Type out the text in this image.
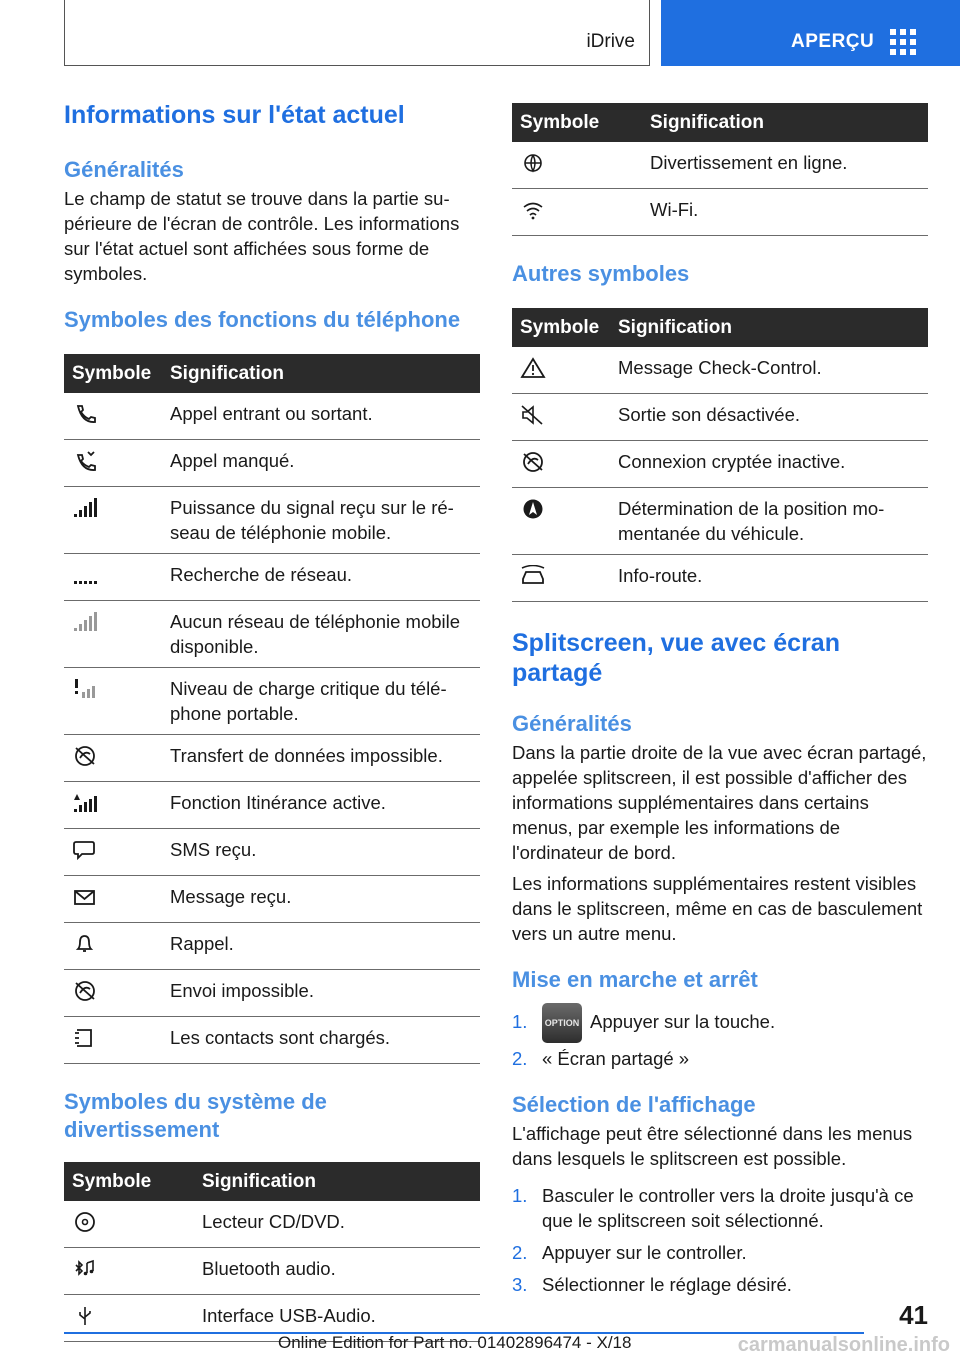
iDrive	APERÇU
Informations sur l'état actuel
Généralités

Le champ de statut se trouve dans la partie supérieure de l'écran de contrôle. Les informations sur l'état actuel sont affichées sous forme de symboles.

Symboles des fonctions du téléphone
Symbole	Signification

	Appel entrant ou sortant.

	Appel manqué.

	Puissance du signal reçu sur le réseau de téléphonie mobile.

	Recherche de réseau.

	Aucun réseau de téléphonie mobile disponible.

	Niveau de charge critique du téléphone portable.

	Transfert de données impossible.

	Fonction Itinérance active.

	SMS reçu.

	Message reçu.

	Rappel.

	Envoi impossible.

	Les contacts sont chargés.
Symboles du système de divertissement
Symbole	Signification

	Lecteur CD/DVD.

	Bluetooth audio.

	Interface USB-Audio.
Symbole	Signification

	Divertissement en ligne.

	Wi-Fi.
Autres symboles
Symbole	Signification

	Message Check-Control.

	Sortie son désactivée.

	Connexion cryptée inactive.

	Détermination de la position momentanée du véhicule.

	Info-route.
Splitscreen, vue avec écran partagé
Généralités

Dans la partie droite de la vue avec écran partagé, appelée splitscreen, il est possible d'afficher des informations supplémentaires dans certains menus, par exemple les informations de l'ordinateur de bord.

Les informations supplémentaires restent visibles dans le splitscreen, même en cas de basculement vers un autre menu.

Mise en marche et arrêt
1. OPTION Appuyer sur la touche.
2. « Écran partagé »
Sélection de l'affichage

L'affichage peut être sélectionné dans les menus dans lesquels le splitscreen est possible.

1. Basculer le controller vers la droite jusqu'à ce que le splitscreen soit sélectionné.
2. Appuyer sur le controller.
3. Sélectionner le réglage désiré.
41
Online Edition for Part no. 01402896474 - X/18	carmanualsonline.info
